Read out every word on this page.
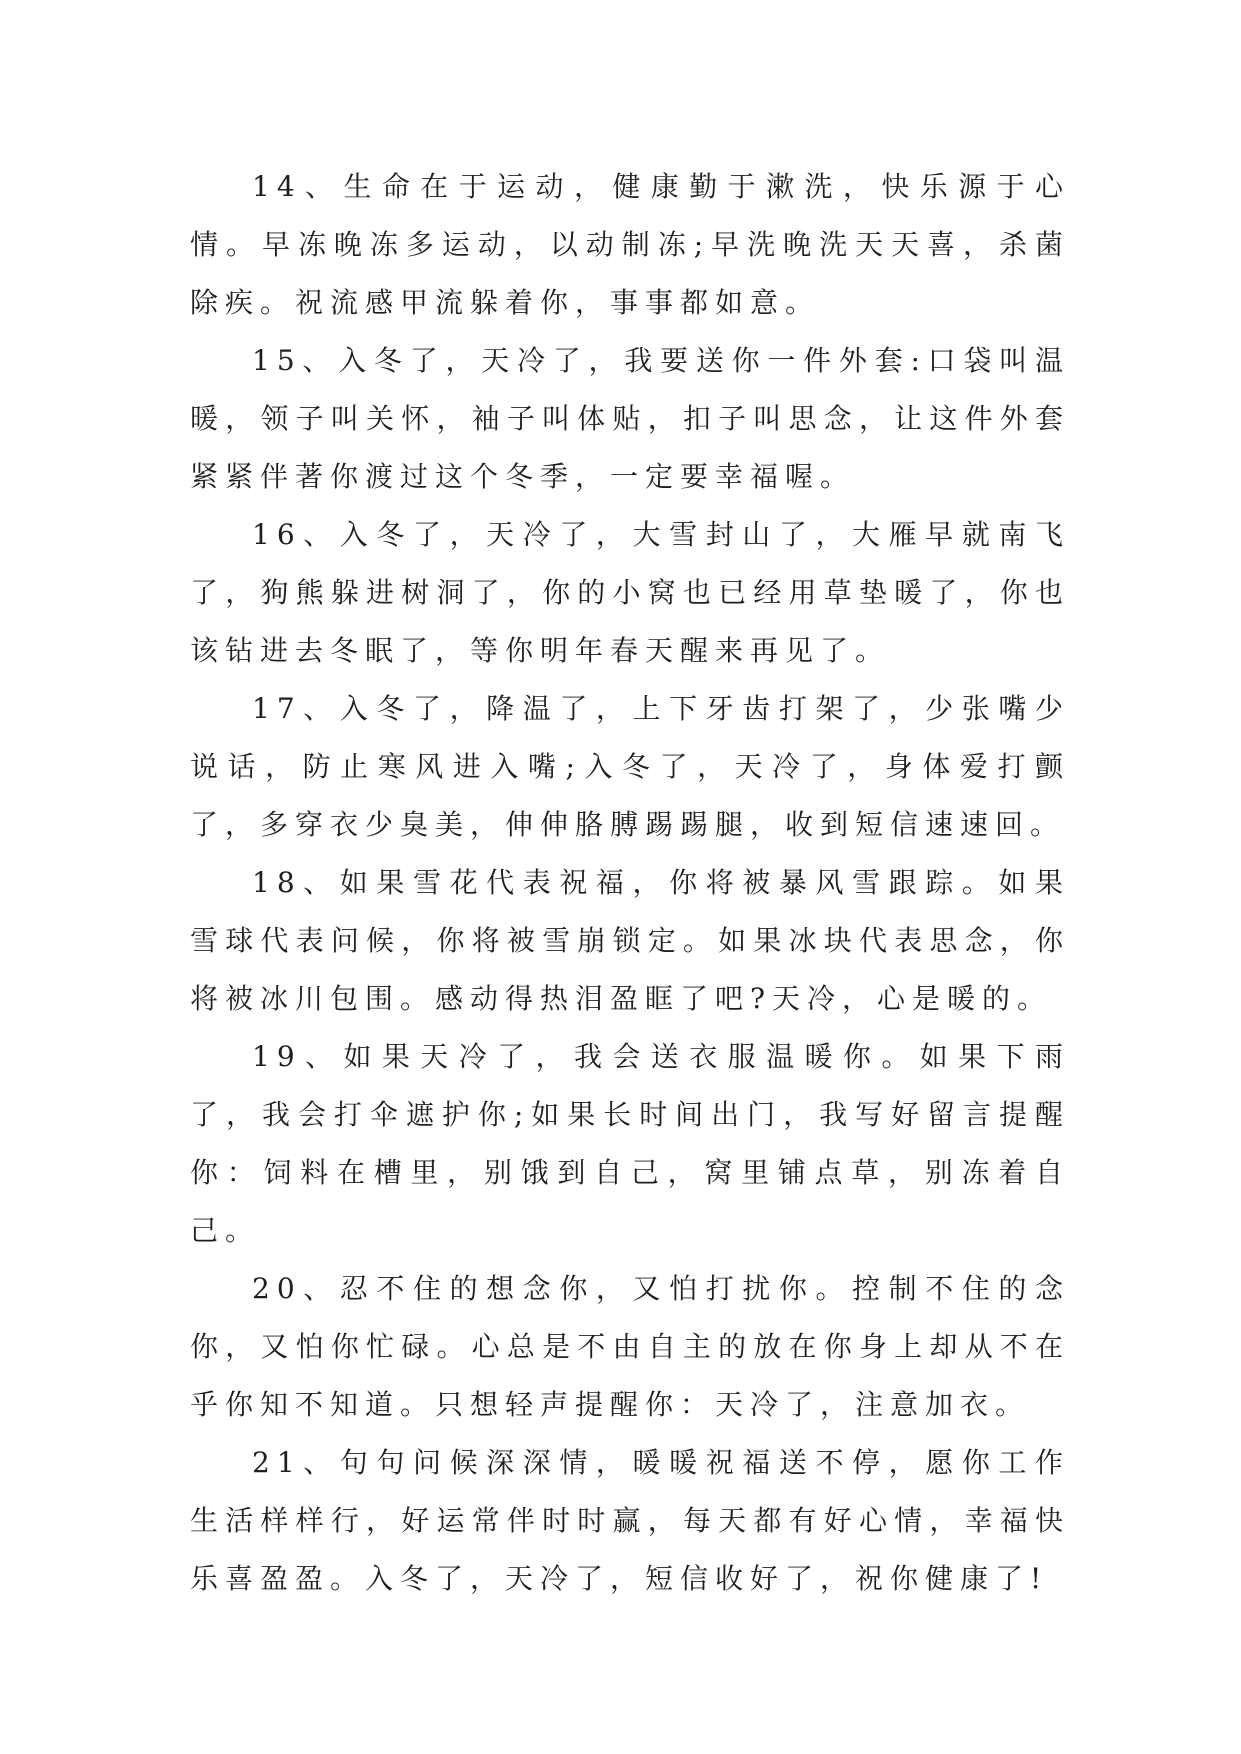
14、生命在于运动，健康勤于漱洗，快乐源于心情。早冻晚冻多运动，以动制冻;早洗晚洗天天喜，杀菌除疾。祝流感甲流躲着你，事事都如意。

15、入冬了，天冷了，我要送你一件外套:口袋叫温暖，领子叫关怀，袖子叫体贴，扣子叫思念，让这件外套紧紧伴著你渡过这个冬季，一定要幸福喔。

16、入冬了，天冷了，大雪封山了，大雁早就南飞了，狗熊躲进树洞了，你的小窝也已经用草垫暖了，你也该钻进去冬眠了，等你明年春天醒来再见了。

17、入冬了，降温了，上下牙齿打架了，少张嘴少说话，防止寒风进入嘴;入冬了，天冷了，身体爱打颤了，多穿衣少臭美，伸伸胳膊踢踢腿，收到短信速速回。

18、如果雪花代表祝福，你将被暴风雪跟踪。如果雪球代表问候，你将被雪崩锁定。如果冰块代表思念，你将被冰川包围。感动得热泪盈眶了吧?天冷，心是暖的。

19、如果天冷了，我会送衣服温暖你。如果下雨了，我会打伞遮护你;如果长时间出门，我写好留言提醒你：饲料在槽里，别饿到自己，窝里铺点草，别冻着自己。

20、忍不住的想念你，又怕打扰你。控制不住的念你，又怕你忙碌。心总是不由自主的放在你身上却从不在乎你知不知道。只想轻声提醒你：天冷了，注意加衣。

21、句句问候深深情，暖暖祝福送不停，愿你工作生活样样行，好运常伴时时赢，每天都有好心情，幸福快乐喜盈盈。入冬了，天冷了，短信收好了，祝你健康了!
